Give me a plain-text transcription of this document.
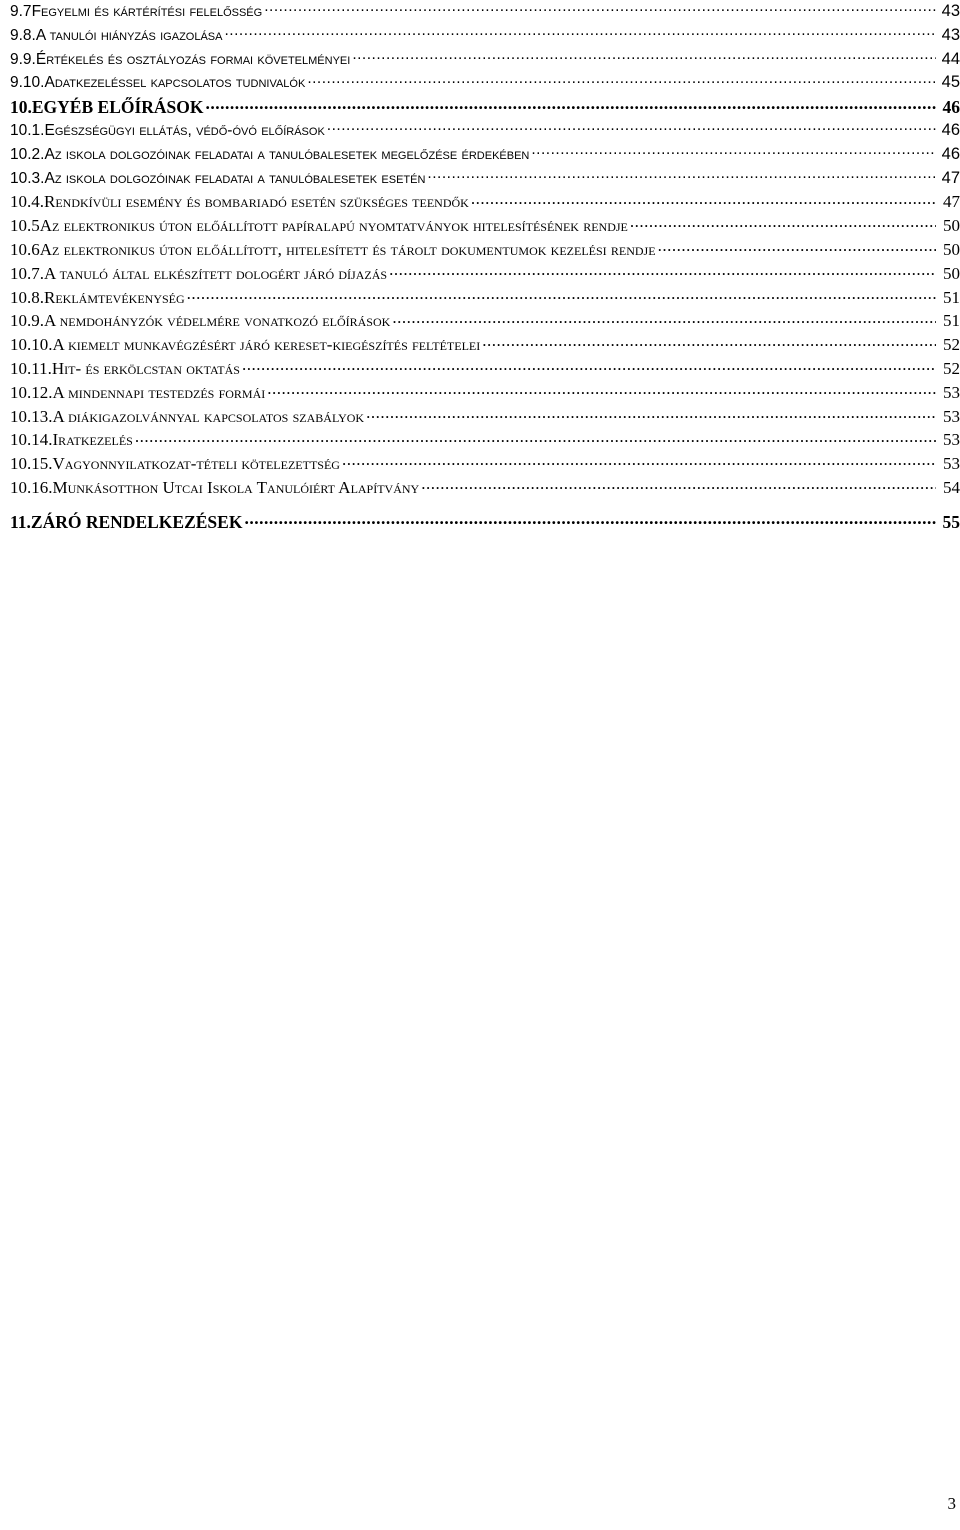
9.7 Fegyelmi és kártérítési felelősség .....	43
9.8. A tanulói hiányzás igazolása .....	43
9.9. Értékelés és osztályozás formai követelményei .....	44
9.10. Adatkezeléssel kapcsolatos tudnivalók .....	45
10. EGYÉB ELŐÍRÁSOK .....	46
10.1. Egészségügyi ellátás, védő-óvó előírások .....	46
10.2. Az iskola dolgozóinak feladatai a tanulóbalesetek megelőzése érdekében .....	46
10.3. Az iskola dolgozóinak feladatai a tanulóbalesetek esetén .....	47
10.4. Rendkívüli esemény és bombariadó esetén szükséges teendők .....	47
10.5 Az elektronikus úton előállított papíralapú nyomtatványok hitelesítésének rendje .....	50
10.6 Az elektronikus úton előállított, hitelesített és tárolt dokumentumok kezelési rendje .....	50
10.7. A tanuló által elkészített dologért járó díjazás .....	50
10.8. Reklámtevékenység .....	51
10.9. A nemdohányzók védelmére vonatkozó előírások .....	51
10.10. A kiemelt munkavégzésért járó kereset-kiegészítés feltételei .....	52
10.11. Hit- és erkölcstan oktatás .....	52
10.12. A mindennapi testedzés formái .....	53
10.13. A diákigazolvánnyal kapcsolatos szabályok .....	53
10.14. Iratkezelés .....	53
10.15. Vagyonnyilatkozat-tételi kötelezettség .....	53
10.16. Munkásotthon Utcai Iskola Tanulóiért Alapítvány .....	54
11. ZÁRÓ RENDELKEZÉSEK .....	55
3
